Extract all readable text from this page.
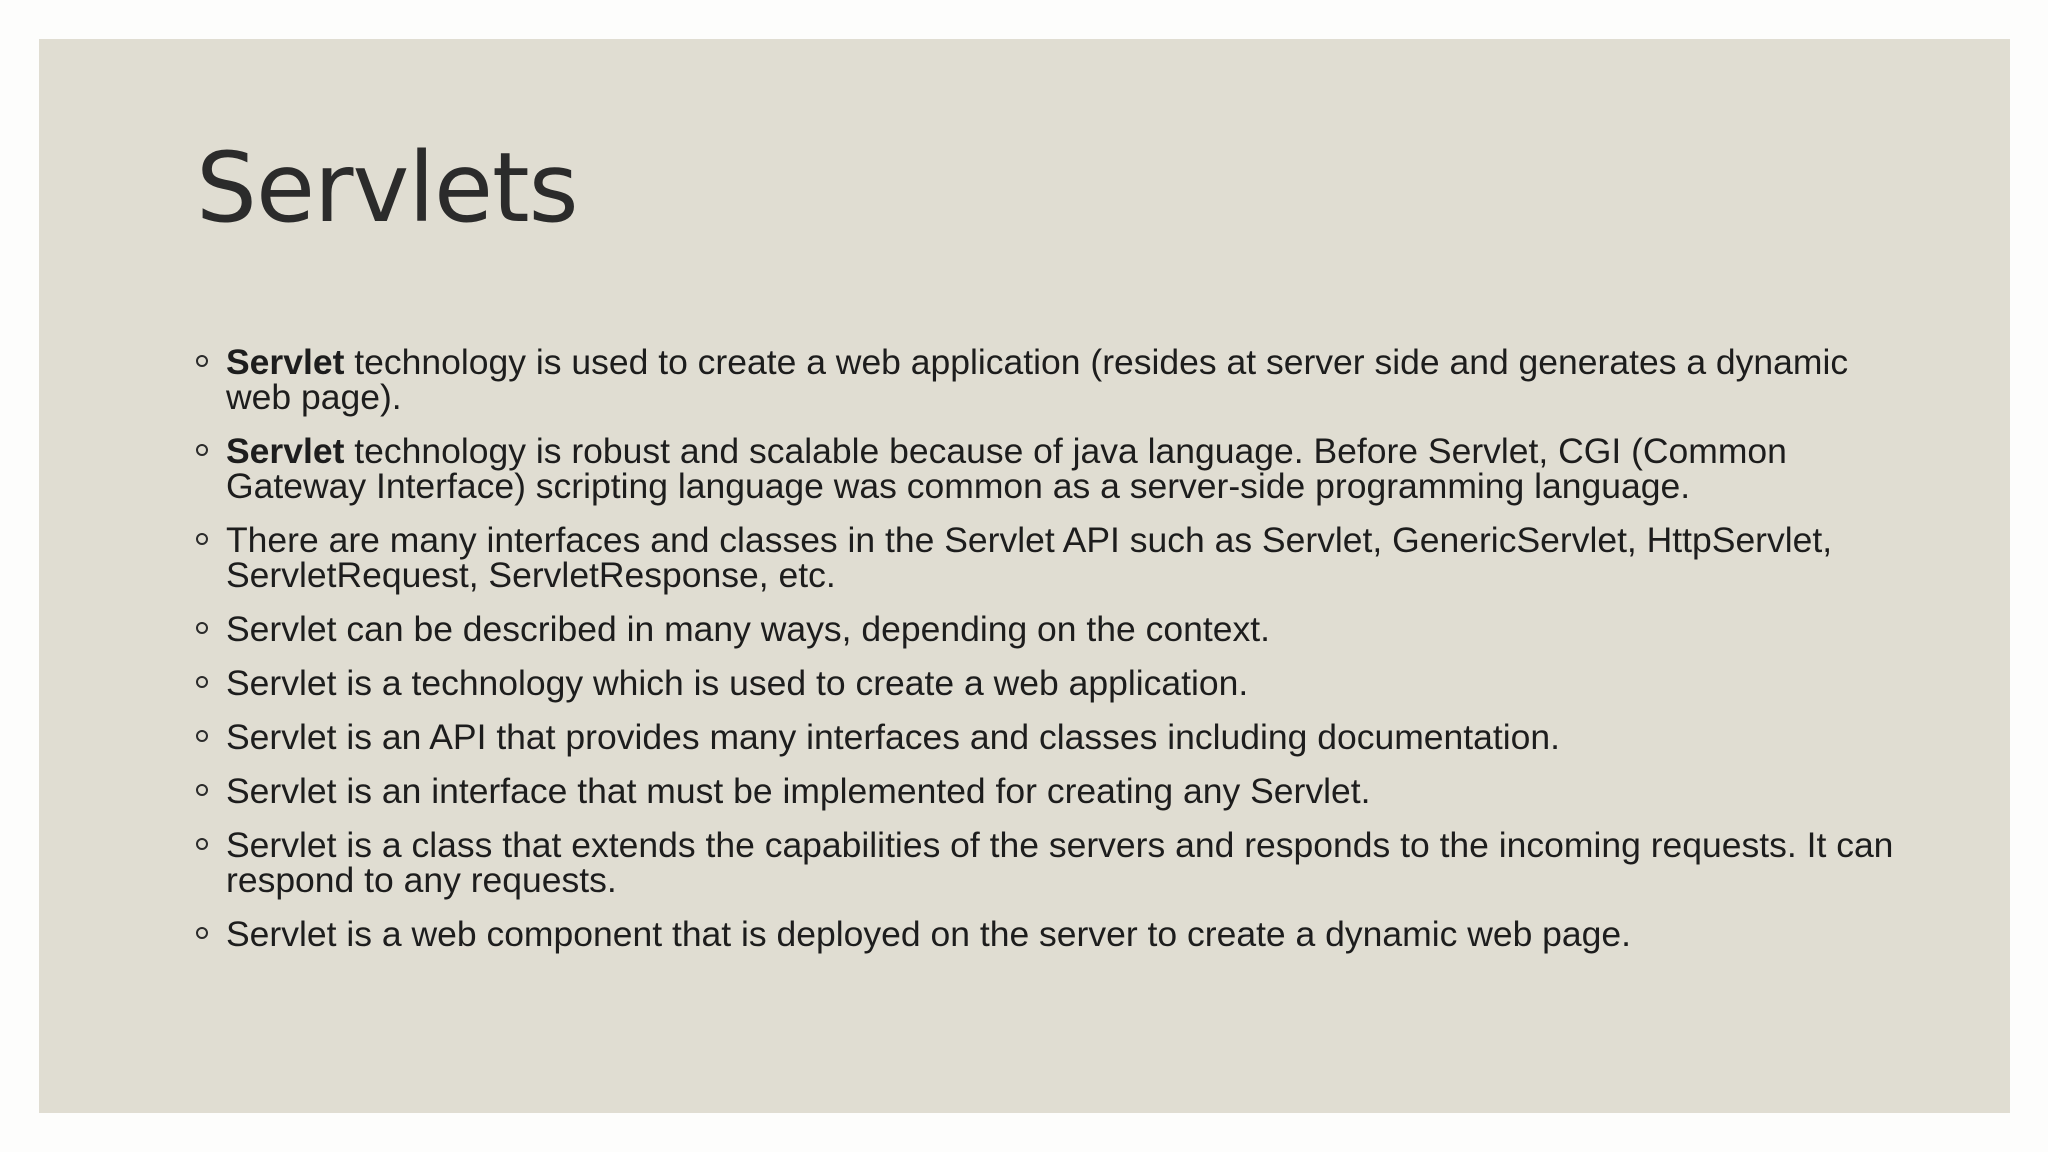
Servlets
Servlet technology is used to create a web application (resides at server side and generates a dynamic web page).
Servlet technology is robust and scalable because of java language. Before Servlet, CGI (Common Gateway Interface) scripting language was common as a server-side programming language.
There are many interfaces and classes in the Servlet API such as Servlet, GenericServlet, HttpServlet, ServletRequest, ServletResponse, etc.
Servlet can be described in many ways, depending on the context.
Servlet is a technology which is used to create a web application.
Servlet is an API that provides many interfaces and classes including documentation.
Servlet is an interface that must be implemented for creating any Servlet.
Servlet is a class that extends the capabilities of the servers and responds to the incoming requests. It can respond to any requests.
Servlet is a web component that is deployed on the server to create a dynamic web page.
